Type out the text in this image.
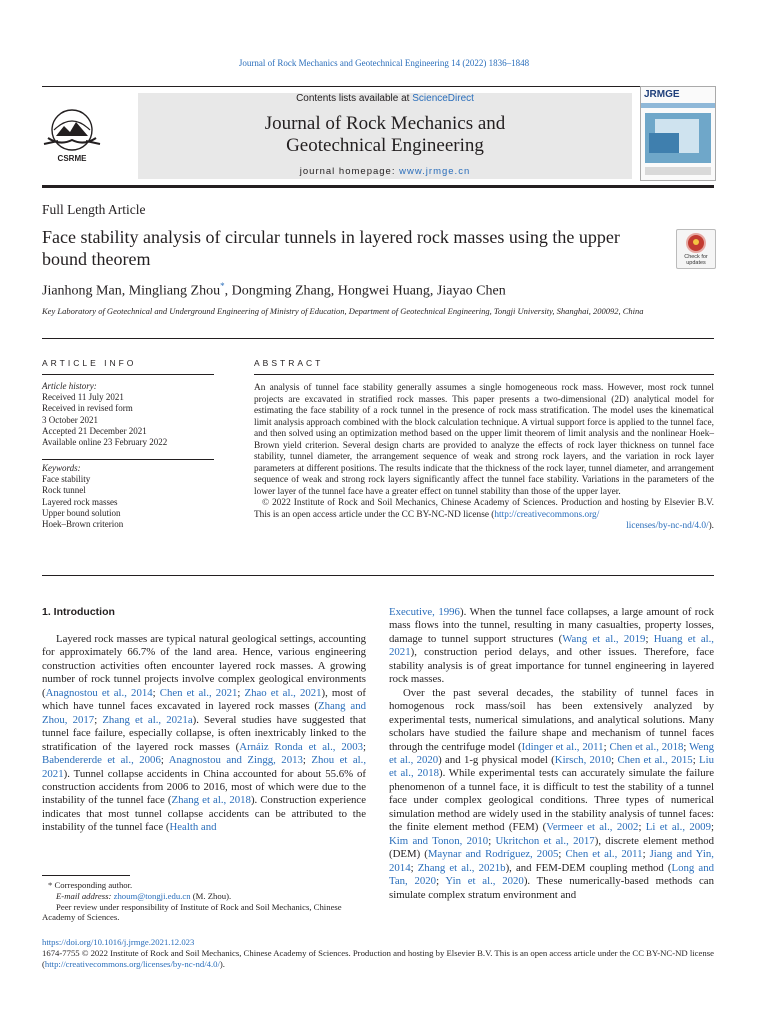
Journal of Rock Mechanics and Geotechnical Engineering 14 (2022) 1836–1848
CSRME
Contents lists available at ScienceDirect
Journal of Rock Mechanics and
Geotechnical Engineering
journal homepage: www.jrmge.cn
JRMGE
Full Length Article
Face stability analysis of circular tunnels in layered rock masses using the upper bound theorem	Check for updates
Jianhong Man, Mingliang Zhou*, Dongming Zhang, Hongwei Huang, Jiayao Chen
Key Laboratory of Geotechnical and Underground Engineering of Ministry of Education, Department of Geotechnical Engineering, Tongji University, Shanghai, 200092, China
ARTICLE INFO
Article history:
Received 11 July 2021
Received in revised form
3 October 2021
Accepted 21 December 2021
Available online 23 February 2022
Keywords:
Face stability
Rock tunnel
Layered rock masses
Upper bound solution
Hoek–Brown criterion
ABSTRACT
An analysis of tunnel face stability generally assumes a single homogeneous rock mass. However, most rock tunnel projects are excavated in stratified rock masses. This paper presents a two-dimensional (2D) analytical model for estimating the face stability of a rock tunnel in the presence of rock mass stratification. The model uses the kinematical limit analysis approach combined with the block calculation technique. A virtual support force is applied to the tunnel face, and then solved using an optimization method based on the upper limit theorem of limit analysis and the nonlinear Hoek–Brown yield criterion. Several design charts are provided to analyze the effects of rock layer thickness on tunnel face stability, tunnel diameter, the arrangement sequence of weak and strong rock layers, and the variation in rock layer parameters at different positions. The results indicate that the thickness of the rock layer, tunnel diameter, and arrangement sequence of weak and strong rock layers significantly affect the tunnel face stability. Variations in the parameters of the lower layer of the tunnel face have a greater effect on tunnel stability than those of the upper layer.
© 2022 Institute of Rock and Soil Mechanics, Chinese Academy of Sciences. Production and hosting by Elsevier B.V. This is an open access article under the CC BY-NC-ND license (http://creativecommons.org/
licenses/by-nc-nd/4.0/).
1. Introduction

Layered rock masses are typical natural geological settings, accounting for approximately 66.7% of the land area. Hence, various engineering construction activities often encounter layered rock masses. A growing number of rock tunnel projects involve complex geological environments (Anagnostou et al., 2014; Chen et al., 2021; Zhao et al., 2021), most of which have tunnel faces excavated in layered rock masses (Zhang and Zhou, 2017; Zhang et al., 2021a). Several studies have suggested that tunnel face failure, especially collapse, is often inextricably linked to the stratification of the layered rock masses (Arnáiz Ronda et al., 2003; Babendererde et al., 2006; Anagnostou and Zingg, 2013; Zhou et al., 2021). Tunnel collapse accidents in China accounted for about 55.6% of construction accidents from 2006 to 2016, most of which were due to the instability of the tunnel face (Zhang et al., 2018). Construction experience indicates that most tunnel collapse accidents can be attributed to the instability of the tunnel face (Health and

Executive, 1996). When the tunnel face collapses, a large amount of rock mass flows into the tunnel, resulting in many casualties, property losses, damage to tunnel support structures (Wang et al., 2019; Huang et al., 2021), construction period delays, and other issues. Therefore, face stability analysis is of great importance for tunnel engineering in layered rock masses.

Over the past several decades, the stability of tunnel faces in homogenous rock mass/soil has been extensively analyzed by experimental tests, numerical simulations, and analytical solutions. Many scholars have studied the failure shape and mechanism of tunnel faces through the centrifuge model (Idinger et al., 2011; Chen et al., 2018; Weng et al., 2020) and 1-g physical model (Kirsch, 2010; Chen et al., 2015; Liu et al., 2018). While experimental tests can accurately simulate the failure phenomenon of a tunnel face, it is difficult to test the stability of a tunnel face under complex geological conditions. Three types of numerical simulation method are widely used in the stability analysis of tunnel faces: the finite element method (FEM) (Vermeer et al., 2002; Li et al., 2009; Kim and Tonon, 2010; Ukritchon et al., 2017), discrete element method (DEM) (Maynar and Rodríguez, 2005; Chen et al., 2011; Jiang and Yin, 2014; Zhang et al., 2021b), and FEM-DEM coupling method (Long and Tan, 2020; Yin et al., 2020). These numerically-based methods can simulate complex stratum environment and

* Corresponding author.
E-mail address: zhoum@tongji.edu.cn (M. Zhou).
Peer review under responsibility of Institute of Rock and Soil Mechanics, Chinese Academy of Sciences.
https://doi.org/10.1016/j.jrmge.2021.12.023
1674-7755 © 2022 Institute of Rock and Soil Mechanics, Chinese Academy of Sciences. Production and hosting by Elsevier B.V. This is an open access article under the CC BY-NC-ND license (http://creativecommons.org/licenses/by-nc-nd/4.0/).
